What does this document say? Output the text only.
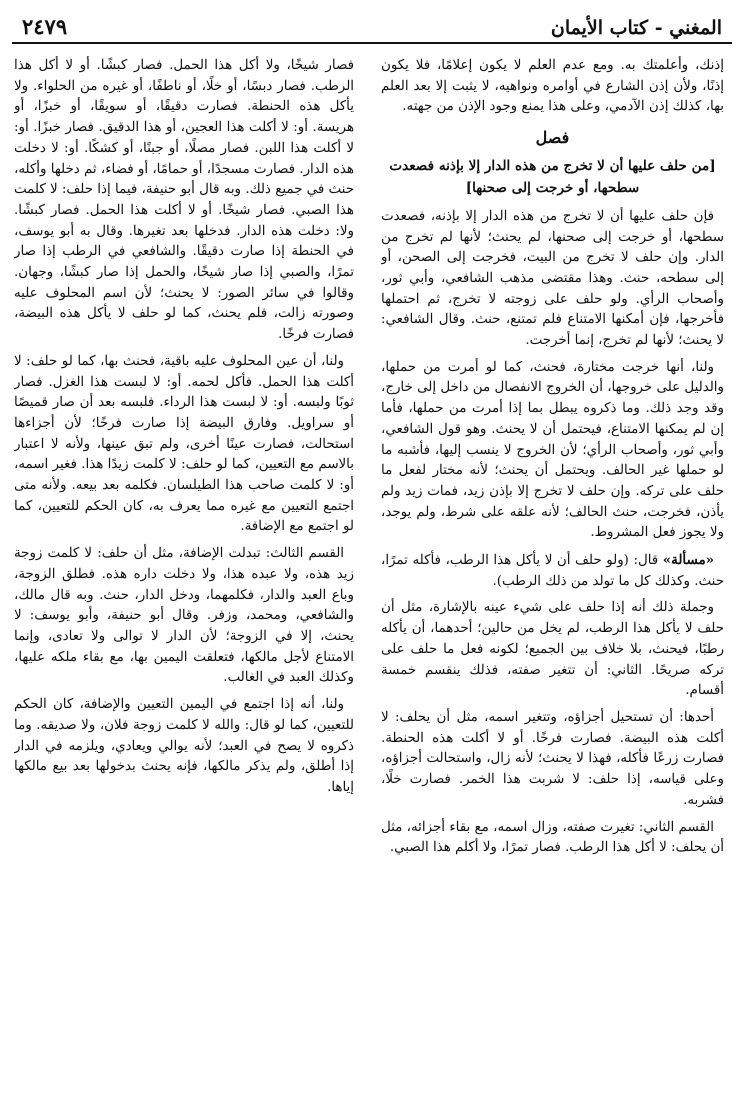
٢٤٧٩	المغني - كتاب الأيمان

إذنك، وأعلمتك به. ومع عدم العلم لا يكون إعلامًا، فلا يكون إذنًا، ولأن إذن الشارع في أوامره ونواهيه، لا يثبت إلا بعد العلم بها، كذلك إذن الآدمي، وعلى هذا يمنع وجود الإذن من جهته.

فصل
[من حلف عليها أن لا تخرج من هذه الدار إلا بإذنه فصعدت سطحها، أو خرجت إلى صحنها]

فإن حلف عليها أن لا تخرج من هذه الدار إلا بإذنه، فصعدت سطحها، أو خرجت إلى صحنها، لم يحنث؛ لأنها لم تخرج من الدار. وإن حلف لا تخرج من البيت، فخرجت إلى الصحن، أو إلى سطحه، حنث. وهذا مقتضى مذهب الشافعي، وأبي ثور، وأصحاب الرأي. ولو حلف على زوجته لا تخرج، ثم احتملها فأخرجها، فإن أمكنها الامتناع فلم تمتنع، حنث. وقال الشافعي: لا يحنث؛ لأنها لم تخرج، إنما أخرجت.

ولنا، أنها خرجت مختارة، فحنث، كما لو أمرت من حملها، والدليل على خروجها، أن الخروج الانفصال من داخل إلى خارج، وقد وجد ذلك. وما ذكروه يبطل بما إذا أمرت من حملها، فأما إن لم يمكنها الامتناع، فيحتمل أن لا يحنث. وهو قول الشافعي، وأبي ثور، وأصحاب الرأي؛ لأن الخروج لا ينسب إليها، فأشبه ما لو حملها غير الحالف. ويحتمل أن يحنث؛ لأنه مختار لفعل ما حلف على تركه. وإن حلف لا تخرج إلا بإذن زيد، فمات زيد ولم يأذن، فخرجت، حنث الحالف؛ لأنه علقه على شرط، ولم يوجد، ولا يجوز فعل المشروط.

«مسألة» قال: (ولو حلف أن لا يأكل هذا الرطب، فأكله تمرًا، حنث. وكذلك كل ما تولد من ذلك الرطب).

وجملة ذلك أنه إذا حلف على شيء عينه بالإشارة، مثل أن حلف لا يأكل هذا الرطب، لم يخل من حالين؛ أحدهما، أن يأكله رطبًا، فيحنث، بلا خلاف بين الجميع؛ لكونه فعل ما حلف على تركه صريحًا. الثاني: أن تتغير صفته، فذلك ينقسم خمسة أقسام.

أحدها: أن تستحيل أجزاؤه، وتتغير اسمه، مثل أن يحلف: لا أكلت هذه البيضة. فصارت فرخًا. أو لا أكلت هذه الحنطة. فصارت زرعًا فأكله، فهذا لا يحنث؛ لأنه زال، واستحالت أجزاؤه، وعلى قياسه، إذا حلف: لا شربت هذا الخمر. فصارت خلًا، فشربه.

القسم الثاني: تغيرت صفته، وزال اسمه، مع بقاء أجزائه، مثل أن يحلف: لا أكل هذا الرطب. فصار تمرًا، ولا أكلم هذا الصبي.

فصار شيخًا، ولا أكل هذا الحمل. فصار كبشًا. أو لا أكل هذا الرطب. فصار دبسًا، أو خلًا، أو ناطفًا، أو غيره من الحلواء. ولا يأكل هذه الحنطة. فصارت دقيقًا، أو سويقًا، أو خبزًا، أو هريسة. أو: لا أكلت هذا العجين، أو هذا الدقيق. فصار خبزًا. أو: لا أكلت هذا اللبن. فصار مصلًا، أو جبنًا، أو كشكًا. أو: لا دخلت هذه الدار. فصارت مسجدًا، أو حمامًا، أو فضاء، ثم دخلها وأكله، حنث في جميع ذلك. وبه قال أبو حنيفة، فيما إذا حلف: لا كلمت هذا الصبي. فصار شيخًا. أو لا أكلت هذا الحمل. فصار كبشًا. ولا: دخلت هذه الدار. فدخلها بعد تغيرها. وقال به أبو يوسف، في الحنطة إذا صارت دقيقًا. والشافعي في الرطب إذا صار تمرًا، والصبي إذا صار شيخًا، والحمل إذا صار كبشًا، وجهان. وقالوا في سائر الصور: لا يحنث؛ لأن اسم المحلوف عليه وصورته زالت، فلم يحنث، كما لو حلف لا يأكل هذه البيضة، فصارت فرخًا.

ولنا، أن عين المحلوف عليه باقية، فحنث بها، كما لو حلف: لا أكلت هذا الحمل. فأكل لحمه. أو: لا لبست هذا الغزل. فصار ثوبًا ولبسه. أو: لا لبست هذا الرداء. فلبسه بعد أن صار قميصًا أو سراويل. وفارق البيضة إذا صارت فرخًا؛ لأن أجزاءها استحالت، فصارت عينًا أخرى، ولم تبق عينها، ولأنه لا اعتبار بالاسم مع التعيين، كما لو حلف: لا كلمت زيدًا هذا. فغير اسمه، أو: لا كلمت صاحب هذا الطيلسان. فكلمه بعد بيعه. ولأنه متى اجتمع التعيين مع غيره مما يعرف به، كان الحكم للتعيين، كما لو اجتمع مع الإضافة.

القسم الثالث: تبدلت الإضافة، مثل أن حلف: لا كلمت زوجة زيد هذه، ولا عبده هذا، ولا دخلت داره هذه. فطلق الزوجة، وباع العبد والدار، فكلمهما، ودخل الدار، حنث. وبه قال مالك، والشافعي، ومحمد، وزفر. وقال أبو حنيفة، وأبو يوسف: لا يحنث، إلا في الزوجة؛ لأن الدار لا توالى ولا تعادى، وإنما الامتناع لأجل مالكها، فتعلقت اليمين بها، مع بقاء ملكه عليها، وكذلك العبد في الغالب.

ولنا، أنه إذا اجتمع في اليمين التعيين والإضافة، كان الحكم للتعيين، كما لو قال: والله لا كلمت زوجة فلان، ولا صديقه. وما ذكروه لا يصح في العبد؛ لأنه يوالي ويعادي، ويلزمه في الدار إذا أطلق، ولم يذكر مالكها، فإنه يحنث بدخولها بعد بيع مالكها إياها.
